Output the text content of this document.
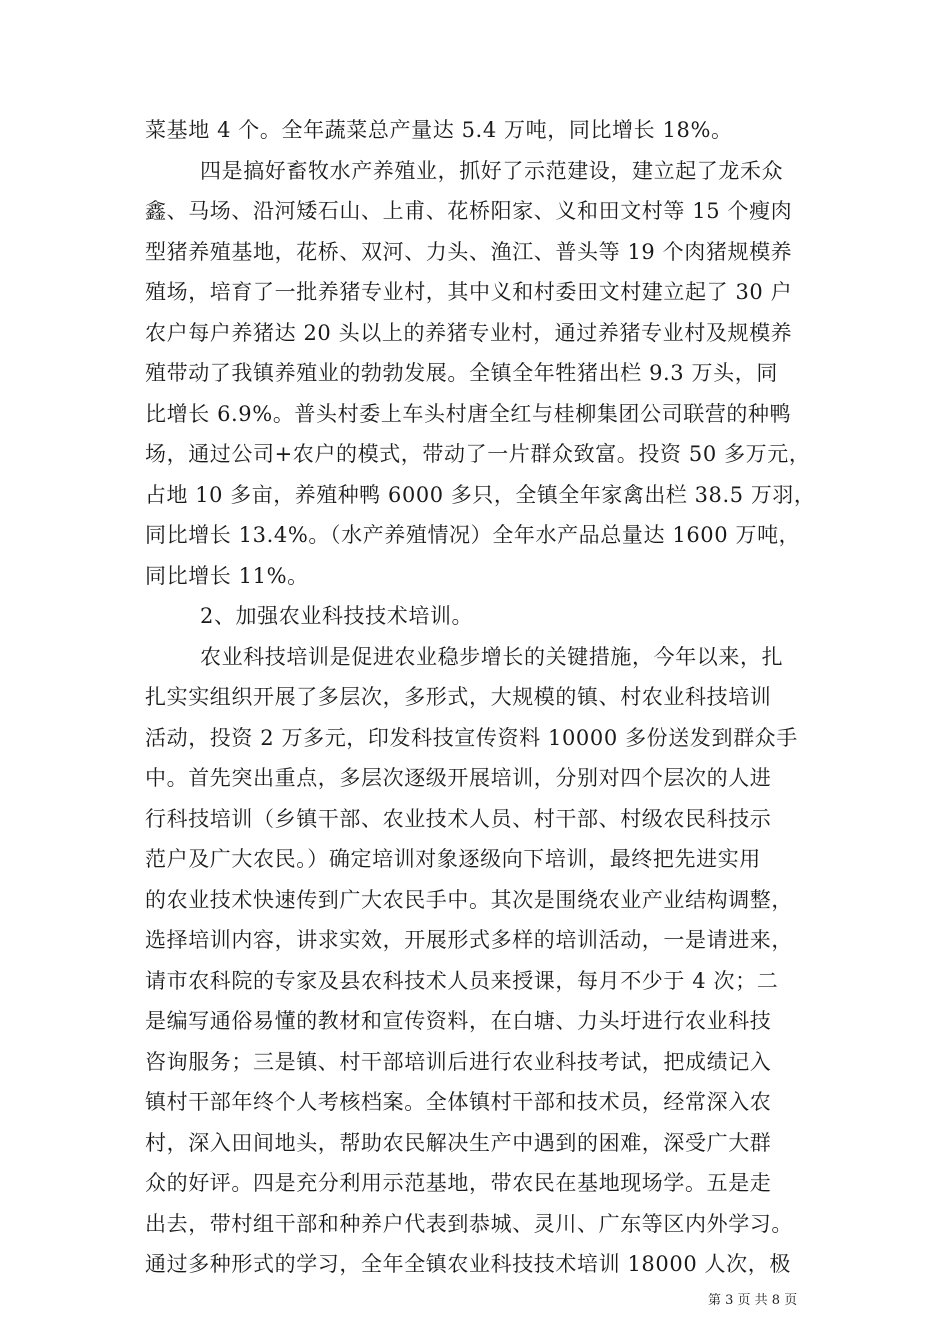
菜基地 4 个。全年蔬菜总产量达 5.4 万吨，同比增长 18%。
四是搞好畜牧水产养殖业，抓好了示范建设，建立起了龙禾众
鑫、马场、沿河矮石山、上甫、花桥阳家、义和田文村等 15 个瘦肉
型猪养殖基地，花桥、双河、力头、渔江、普头等 19 个肉猪规模养
殖场，培育了一批养猪专业村，其中义和村委田文村建立起了 30 户
农户每户养猪达 20 头以上的养猪专业村，通过养猪专业村及规模养
殖带动了我镇养殖业的勃勃发展。全镇全年牲猪出栏 9.3 万头，同
比增长 6.9%。普头村委上车头村唐全红与桂柳集团公司联营的种鸭
场，通过公司+农户的模式，带动了一片群众致富。投资 50 多万元，
占地 10 多亩，养殖种鸭 6000 多只，全镇全年家禽出栏 38.5 万羽，
同比增长 13.4%。（水产养殖情况）全年水产品总量达 1600 万吨，
同比增长 11%。
2、加强农业科技技术培训。
农业科技培训是促进农业稳步增长的关键措施，今年以来，扎
扎实实组织开展了多层次，多形式，大规模的镇、村农业科技培训
活动，投资 2 万多元，印发科技宣传资料 10000 多份送发到群众手
中。首先突出重点，多层次逐级开展培训，分别对四个层次的人进
行科技培训（乡镇干部、农业技术人员、村干部、村级农民科技示
范户及广大农民。）确定培训对象逐级向下培训，最终把先进实用
的农业技术快速传到广大农民手中。其次是围绕农业产业结构调整，
选择培训内容，讲求实效，开展形式多样的培训活动，一是请进来，
请市农科院的专家及县农科技术人员来授课，每月不少于 4 次；二
是编写通俗易懂的教材和宣传资料，在白塘、力头圩进行农业科技
咨询服务；三是镇、村干部培训后进行农业科技考试，把成绩记入
镇村干部年终个人考核档案。全体镇村干部和技术员，经常深入农
村，深入田间地头，帮助农民解决生产中遇到的困难，深受广大群
众的好评。四是充分利用示范基地，带农民在基地现场学。五是走
出去，带村组干部和种养户代表到恭城、灵川、广东等区内外学习。
通过多种形式的学习，全年全镇农业科技技术培训 18000 人次，极
第 3 页 共 8 页
